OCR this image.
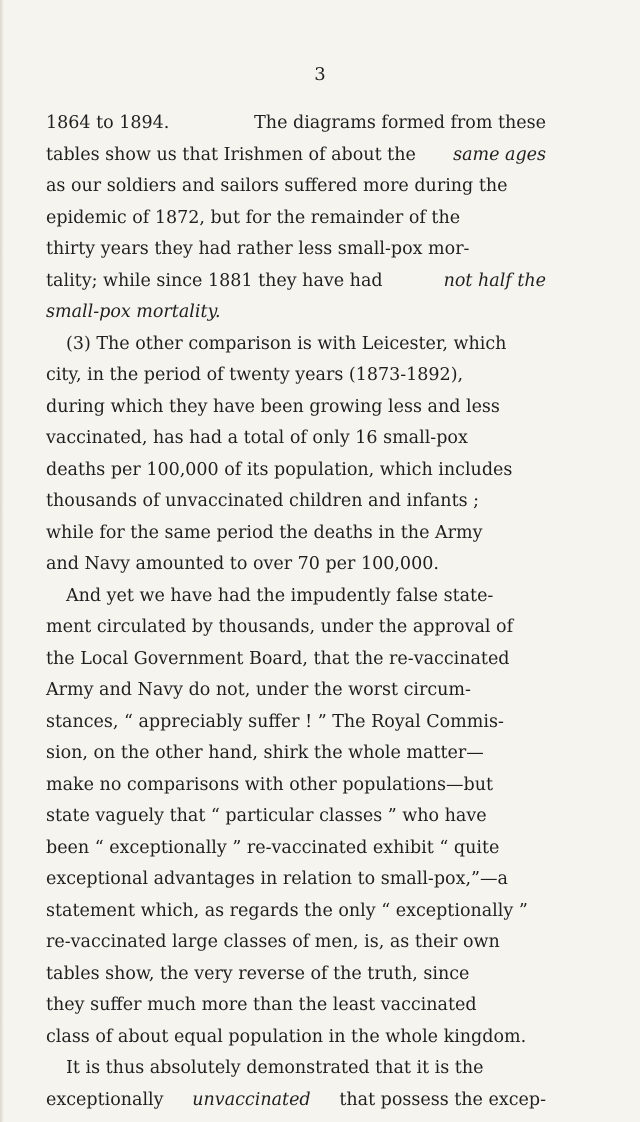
3
1864 to 1894.	The diagrams formed from these
tables show us that Irishmen of about the same ages
as our soldiers and sailors suffered more during the
epidemic of 1872, but for the remainder of the
thirty years they had rather less small-pox mor-
tality; while since 1881 they have had	not half the
small-pox mortality.
(3) The other comparison is with Leicester, which
city, in the period of twenty years (1873-1892),
during which they have been growing less and less
vaccinated, has had a total of only 16 small-pox
deaths per 100,000 of its population, which includes
thousands of unvaccinated children and infants ;
while for the same period the deaths in the Army
and Navy amounted to over 70 per 100,000.
And yet we have had the impudently false state-
ment circulated by thousands, under the approval of
the Local Government Board, that the re-vaccinated
Army and Navy do not, under the worst circum-
stances, “ appreciably suffer ! ” The Royal Commis-
sion, on the other hand, shirk the whole matter—
make no comparisons with other populations—but
state vaguely that “ particular classes ” who have
been “ exceptionally ” re-vaccinated exhibit “ quite
exceptional advantages in relation to small-pox,”—a
statement which, as regards the only “ exceptionally ”
re-vaccinated large classes of men, is, as their own
tables show, the very reverse of the truth, since
they suffer much more than the least vaccinated
class of about equal population in the whole kingdom.
It is thus absolutely demonstrated that it is the
exceptionally unvaccinated that possess the excep-
